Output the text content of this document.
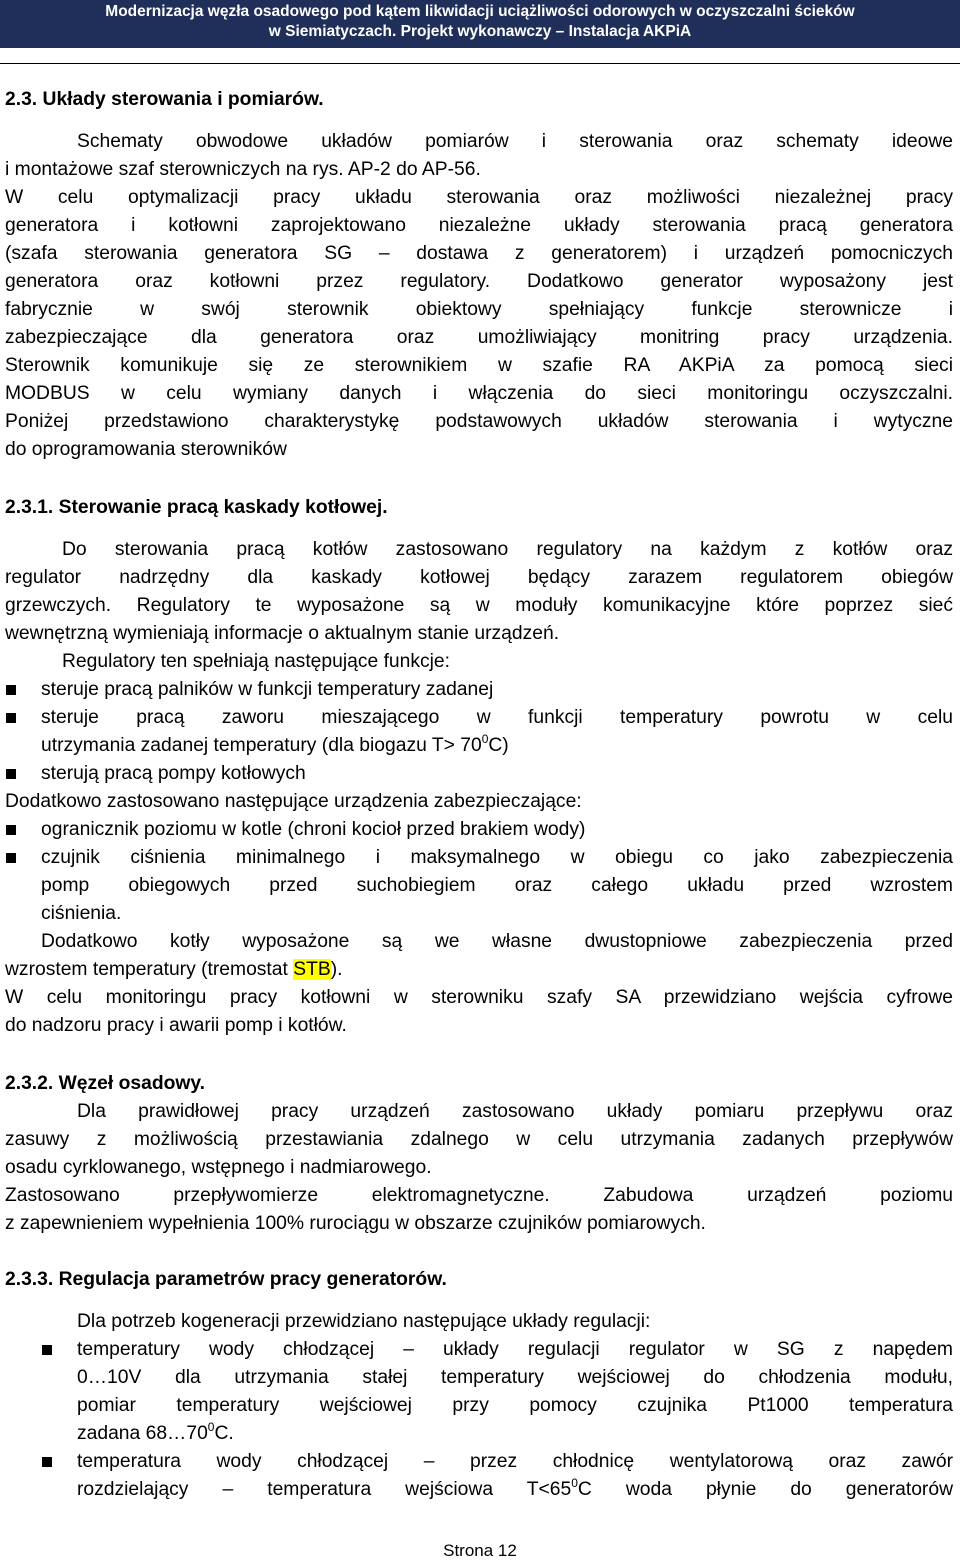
Modernizacja węzła osadowego pod kątem likwidacji uciążliwości odorowych w oczyszczalni ścieków
w Siemiatyczach. Projekt wykonawczy – Instalacja AKPiA

2.3. Układy sterowania i pomiarów.

Schematy obwodowe układów pomiarów i sterowania oraz schematy ideowe

i montażowe szaf sterowniczych na rys. AP-2 do AP-56.

W celu optymalizacji pracy układu sterowania oraz możliwości niezależnej pracy

generatora i kotłowni zaprojektowano niezależne układy sterowania pracą generatora

(szafa sterowania generatora SG – dostawa z generatorem) i urządzeń pomocniczych

generatora oraz kotłowni przez regulatory. Dodatkowo generator wyposażony jest

fabrycznie w swój sterownik obiektowy spełniający funkcje sterownicze i

zabezpieczające dla generatora oraz umożliwiający monitring pracy urządzenia.

Sterownik komunikuje się ze sterownikiem w szafie RA AKPiA za pomocą sieci

MODBUS w celu wymiany danych i włączenia do sieci monitoringu oczyszczalni.

Poniżej przedstawiono charakterystykę podstawowych układów sterowania i wytyczne

do oprogramowania sterowników

2.3.1. Sterowanie pracą kaskady kotłowej.

Do sterowania pracą kotłów zastosowano regulatory na każdym z kotłów oraz

regulator nadrzędny dla kaskady kotłowej będący zarazem regulatorem obiegów

grzewczych. Regulatory te wyposażone są w moduły komunikacyjne które poprzez sieć

wewnętrzną wymieniają informacje o aktualnym stanie urządzeń.

Regulatory ten spełniają następujące funkcje:

steruje pracą palników w funkcji temperatury zadanej

steruje pracą zaworu mieszającego w funkcji temperatury powrotu w celu

utrzymania zadanej temperatury (dla biogazu $T> 70^0C$)

sterują pracą pompy kotłowych

Dodatkowo zastosowano następujące urządzenia zabezpieczające:

ogranicznik poziomu w kotle (chroni kocioł przed brakiem wody)

czujnik ciśnienia minimalnego i maksymalnego w obiegu co jako zabezpieczenia

pomp obiegowych przed suchobiegiem oraz całego układu przed wzrostem

ciśnienia.

Dodatkowo kotły wyposażone są we własne dwustopniowe zabezpieczenia przed

wzrostem temperatury (tremostat STB).

W celu monitoringu pracy kotłowni w sterowniku szafy SA przewidziano wejścia cyfrowe

do nadzoru pracy i awarii pomp i kotłów.

2.3.2. Węzeł osadowy.

Dla prawidłowej pracy urządzeń zastosowano układy pomiaru przepływu oraz

zasuwy z możliwością przestawiania zdalnego w celu utrzymania zadanych przepływów

osadu cyrklowanego, wstępnego i nadmiarowego.

Zastosowano przepływomierze elektromagnetyczne. Zabudowa urządzeń poziomu

z zapewnieniem wypełnienia 100% rurociągu w obszarze czujników pomiarowych.

2.3.3. Regulacja parametrów pracy generatorów.

Dla potrzeb kogeneracji przewidziano następujące układy regulacji:

temperatury wody chłodzącej – układy regulacji regulator w SG z napędem

0…10V dla utrzymania stałej temperatury wejściowej do chłodzenia modułu,

pomiar temperatury wejściowej przy pomocy czujnika Pt1000 temperatura

zadana $68\dots 70^0C$.

temperatura wody chłodzącej – przez chłodnicę wentylatorową oraz zawór

rozdzielający – temperatura wejściowa $T<65^0C$ woda płynie do generatorów

Strona 12
